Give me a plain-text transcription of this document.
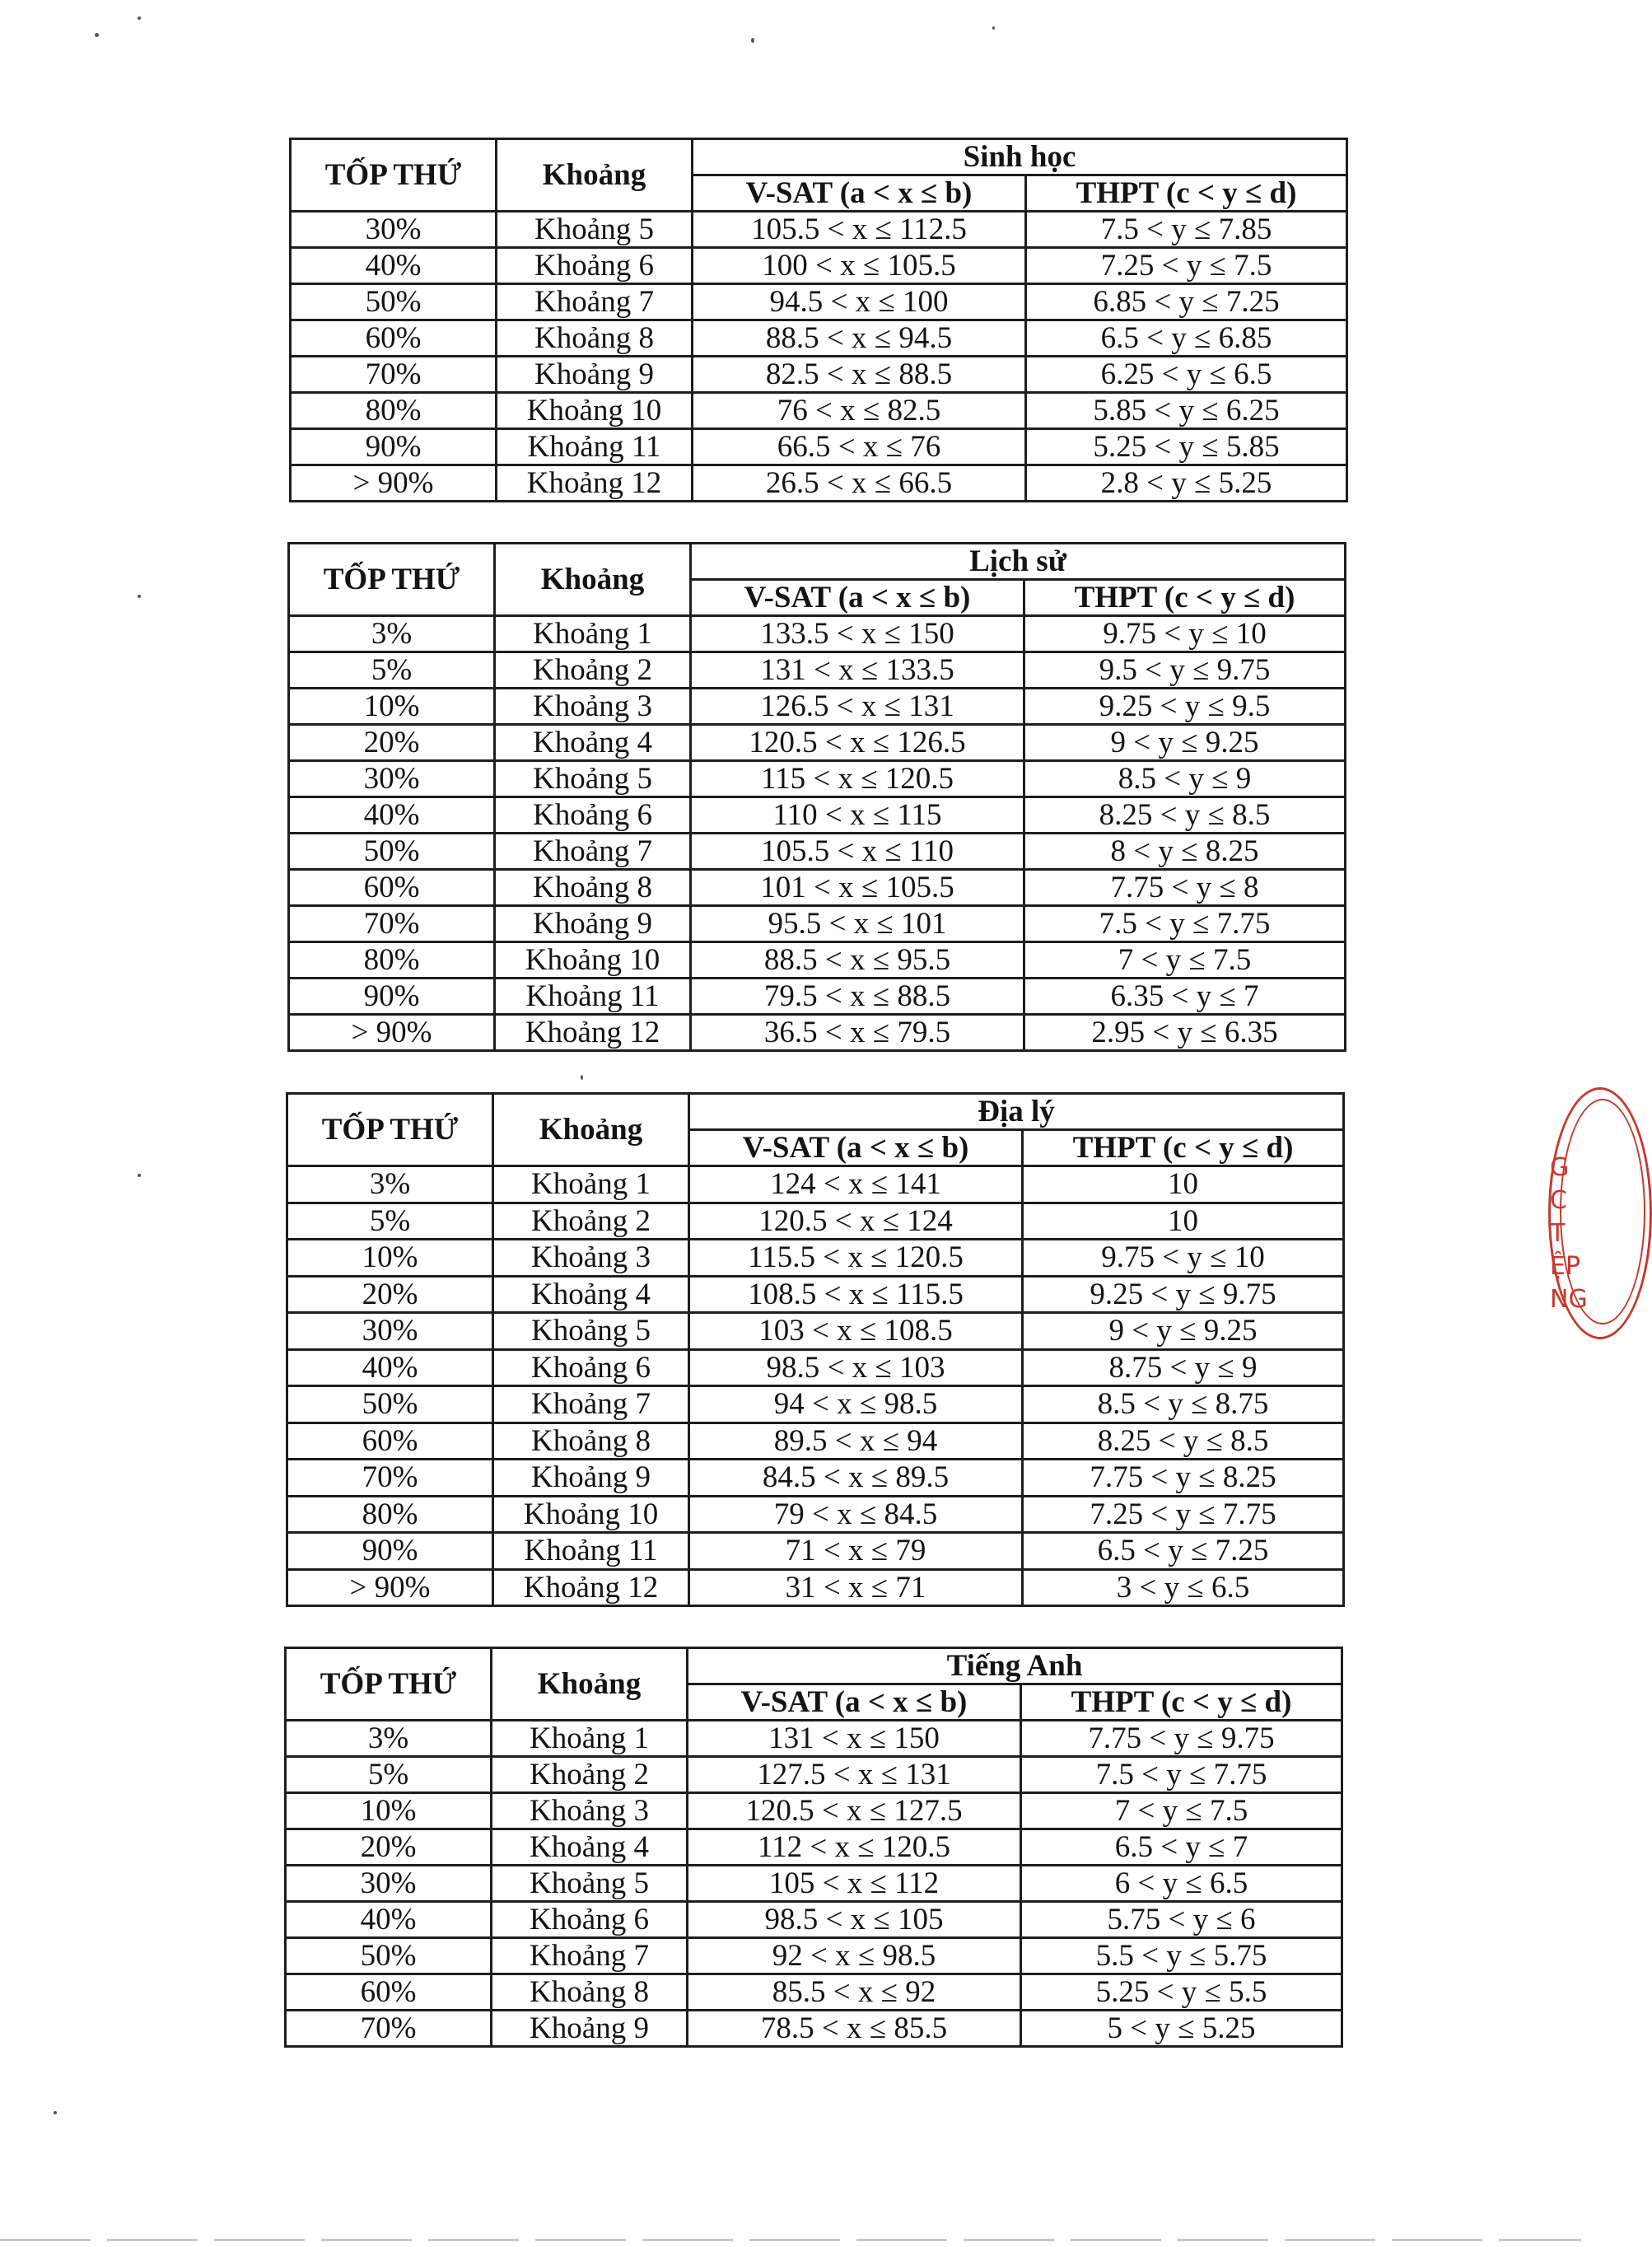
TỐP THỨ	Khoảng	Sinh học	
		V-SAT (a < x ≤ b)	THPT (c < y ≤ d)
30%	Khoảng 5	105.5 < x ≤ 112.5	7.5 < y ≤ 7.85
40%	Khoảng 6	100 < x ≤ 105.5	7.25 < y ≤ 7.5
50%	Khoảng 7	94.5 < x ≤ 100	6.85 < y ≤ 7.25
60%	Khoảng 8	88.5 < x ≤ 94.5	6.5 < y ≤ 6.85
70%	Khoảng 9	82.5 < x ≤ 88.5	6.25 < y ≤ 6.5
80%	Khoảng 10	76 < x ≤ 82.5	5.85 < y ≤ 6.25
90%	Khoảng 11	66.5 < x ≤ 76	5.25 < y ≤ 5.85
> 90%	Khoảng 12	26.5 < x ≤ 66.5	2.8 < y ≤ 5.25
TỐP THỨ	Khoảng	Lịch sử	
		V-SAT (a < x ≤ b)	THPT (c < y ≤ d)
3%	Khoảng 1	133.5 < x ≤ 150	9.75 < y ≤ 10
5%	Khoảng 2	131 < x ≤ 133.5	9.5 < y ≤ 9.75
10%	Khoảng 3	126.5 < x ≤ 131	9.25 < y ≤ 9.5
20%	Khoảng 4	120.5 < x ≤ 126.5	9 < y ≤ 9.25
30%	Khoảng 5	115 < x ≤ 120.5	8.5 < y ≤ 9
40%	Khoảng 6	110 < x ≤ 115	8.25 < y ≤ 8.5
50%	Khoảng 7	105.5 < x ≤ 110	8 < y ≤ 8.25
60%	Khoảng 8	101 < x ≤ 105.5	7.75 < y ≤ 8
70%	Khoảng 9	95.5 < x ≤ 101	7.5 < y ≤ 7.75
80%	Khoảng 10	88.5 < x ≤ 95.5	7 < y ≤ 7.5
90%	Khoảng 11	79.5 < x ≤ 88.5	6.35 < y ≤ 7
> 90%	Khoảng 12	36.5 < x ≤ 79.5	2.95 < y ≤ 6.35
TỐP THỨ	Khoảng	Địa lý	
		V-SAT (a < x ≤ b)	THPT (c < y ≤ d)
3%	Khoảng 1	124 < x ≤ 141	10
5%	Khoảng 2	120.5 < x ≤ 124	10
10%	Khoảng 3	115.5 < x ≤ 120.5	9.75 < y ≤ 10
20%	Khoảng 4	108.5 < x ≤ 115.5	9.25 < y ≤ 9.75
30%	Khoảng 5	103 < x ≤ 108.5	9 < y ≤ 9.25
40%	Khoảng 6	98.5 < x ≤ 103	8.75 < y ≤ 9
50%	Khoảng 7	94 < x ≤ 98.5	8.5 < y ≤ 8.75
60%	Khoảng 8	89.5 < x ≤ 94	8.25 < y ≤ 8.5
70%	Khoảng 9	84.5 < x ≤ 89.5	7.75 < y ≤ 8.25
80%	Khoảng 10	79 < x ≤ 84.5	7.25 < y ≤ 7.75
90%	Khoảng 11	71 < x ≤ 79	6.5 < y ≤ 7.25
> 90%	Khoảng 12	31 < x ≤ 71	3 < y ≤ 6.5
TỐP THỨ	Khoảng	Tiếng Anh	
		V-SAT (a < x ≤ b)	THPT (c < y ≤ d)
3%	Khoảng 1	131 < x ≤ 150	7.75 < y ≤ 9.75
5%	Khoảng 2	127.5 < x ≤ 131	7.5 < y ≤ 7.75
10%	Khoảng 3	120.5 < x ≤ 127.5	7 < y ≤ 7.5
20%	Khoảng 4	112 < x ≤ 120.5	6.5 < y ≤ 7
30%	Khoảng 5	105 < x ≤ 112	6 < y ≤ 6.5
40%	Khoảng 6	98.5 < x ≤ 105	5.75 < y ≤ 6
50%	Khoảng 7	92 < x ≤ 98.5	5.5 < y ≤ 5.75
60%	Khoảng 8	85.5 < x ≤ 92	5.25 < y ≤ 5.5
70%	Khoảng 9	78.5 < x ≤ 85.5	5 < y ≤ 5.25
G
C
T
ỆP
NG
